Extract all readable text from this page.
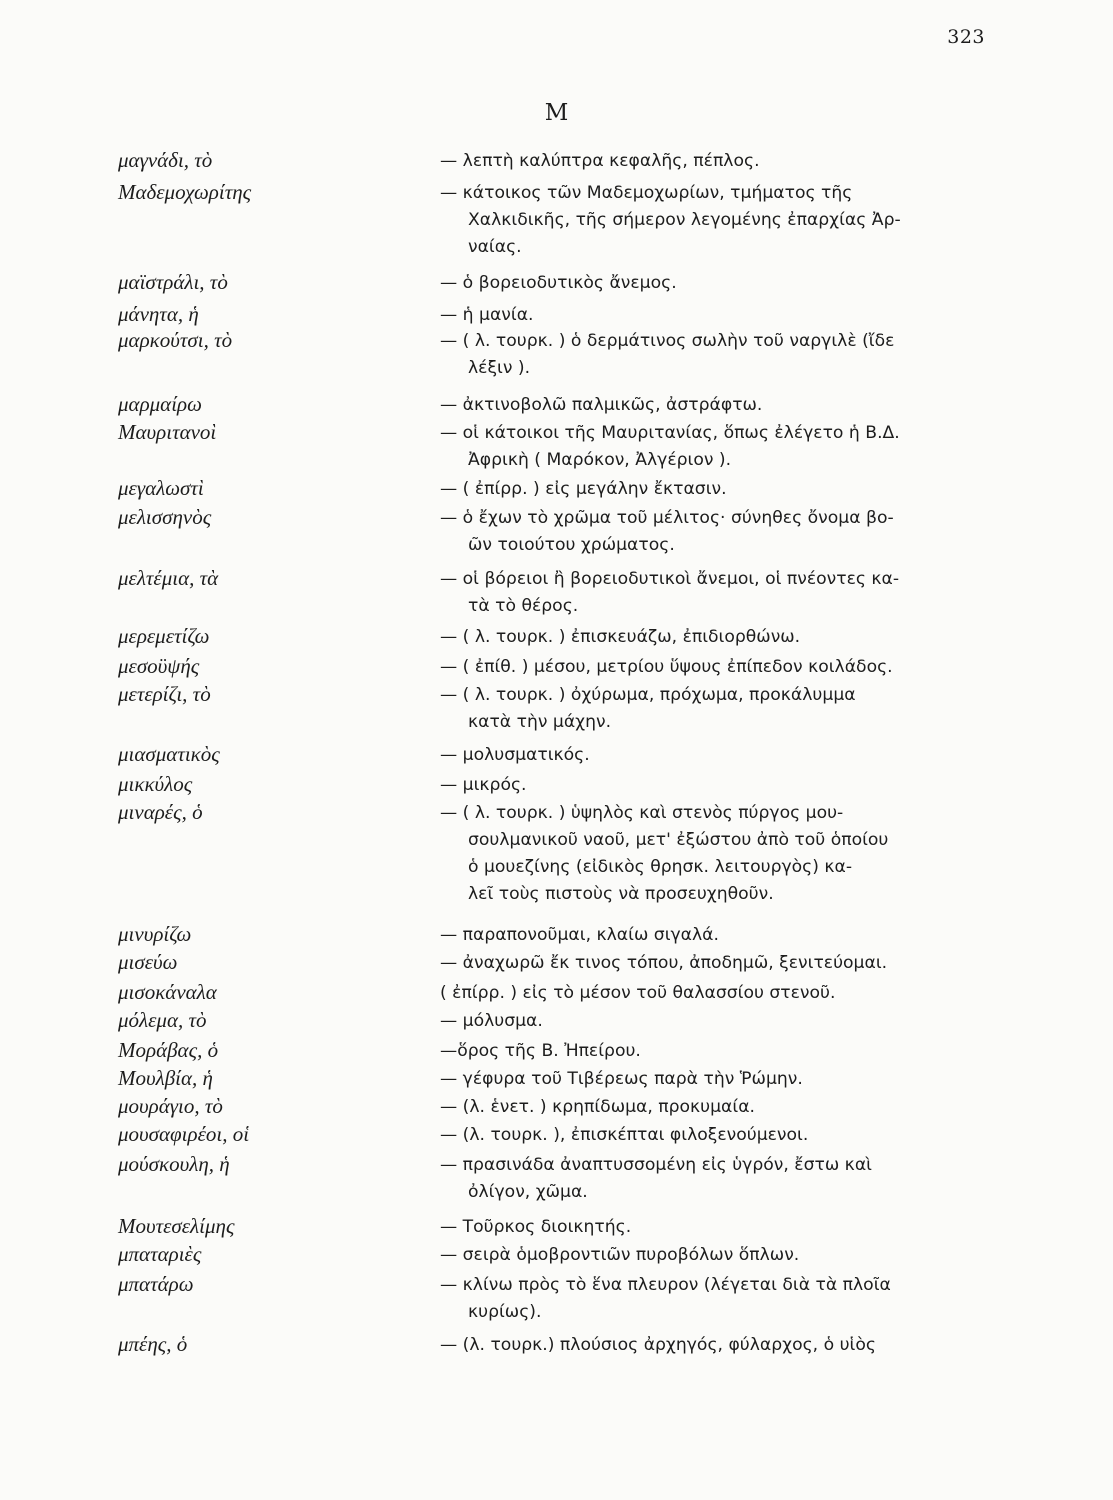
323
Μ
μαγνάδι, τὸ	— λεπτὴ καλύπτρα κεφαλῆς, πέπλος.
Μαδεμοχωρίτης	— κάτοικος τῶν Μαδεμοχωρίων, τμήματος τῆς
Χαλκιδικῆς, τῆς σήμερον λεγομένης ἐπαρχίας Ἀρ-
ναίας.
μαϊστράλι, τὸ	— ὁ βορειοδυτικὸς ἄνεμος.
μάνητα, ἡ	— ἡ μανία.
μαρκούτσι, τὸ	— ( λ. τουρκ. ) ὁ δερμάτινος σωλὴν τοῦ ναργιλὲ (ἴδε
λέξιν ).
μαρμαίρω	— ἀκτινοβολῶ παλμικῶς, ἀστράφτω.
Μαυριτανοὶ	— οἱ κάτοικοι τῆς Μαυριτανίας, ὅπως ἐλέγετο ἡ Β.Δ.
Ἀφρικὴ ( Μαρόκον, Ἀλγέριον ).
μεγαλωστὶ	— ( ἐπίρρ. ) εἰς μεγάλην ἔκτασιν.
μελισσηνὸς	— ὁ ἔχων τὸ χρῶμα τοῦ μέλιτος· σύνηθες ὄνομα βο-
ῶν τοιούτου χρώματος.
μελτέμια, τὰ	— οἱ βόρειοι ἢ βορειοδυτικοὶ ἄνεμοι, οἱ πνέοντες κα-
τὰ τὸ θέρος.
μερεμετίζω	— ( λ. τουρκ. ) ἐπισκευάζω, ἐπιδιορθώνω.
μεσοϋψής	— ( ἐπίθ. ) μέσου, μετρίου ὕψους ἐπίπεδον κοιλάδος.
μετερίζι, τὸ	— ( λ. τουρκ. ) ὀχύρωμα, πρόχωμα, προκάλυμμα
κατὰ τὴν μάχην.
μιασματικὸς	— μολυσματικός.
μικκύλος	— μικρός.
μιναρές, ὁ	— ( λ. τουρκ. ) ὑψηλὸς καὶ στενὸς πύργος μου-
σουλμανικοῦ ναοῦ, μετ' ἐξώστου ἀπὸ τοῦ ὁποίου
ὁ μουεζίνης (εἰδικὸς θρησκ. λειτουργὸς) κα-
λεῖ τοὺς πιστοὺς νὰ προσευχηθοῦν.
μινυρίζω	— παραπονοῦμαι, κλαίω σιγαλά.
μισεύω	— ἀναχωρῶ ἔκ τινος τόπου, ἀποδημῶ, ξενιτεύομαι.
μισοκάναλα	( ἐπίρρ. ) εἰς τὸ μέσον τοῦ θαλασσίου στενοῦ.
μόλεμα, τὸ	— μόλυσμα.
Μοράβας, ὁ	—ὅρος τῆς Β. Ἠπείρου.
Μουλβία, ἡ	— γέφυρα τοῦ Τιβέρεως παρὰ τὴν Ῥώμην.
μουράγιο, τὸ	— (λ. ἑνετ. ) κρηπίδωμα, προκυμαία.
μουσαφιρέοι, οἱ	— (λ. τουρκ. ), ἐπισκέπται φιλοξενούμενοι.
μούσκουλη, ἡ	— πρασινάδα ἀναπτυσσομένη εἰς ὑγρόν, ἔστω καὶ
ὀλίγον, χῶμα.
Μουτεσελίμης	— Τοῦρκος διοικητής.
μπαταριὲς	— σειρὰ ὁμοβροντιῶν πυροβόλων ὅπλων.
μπατάρω	— κλίνω πρὸς τὸ ἕνα πλευρον (λέγεται διὰ τὰ πλοῖα
κυρίως).
μπέης, ὁ	— (λ. τουρκ.) πλούσιος ἀρχηγός, φύλαρχος, ὁ υἱὸς
